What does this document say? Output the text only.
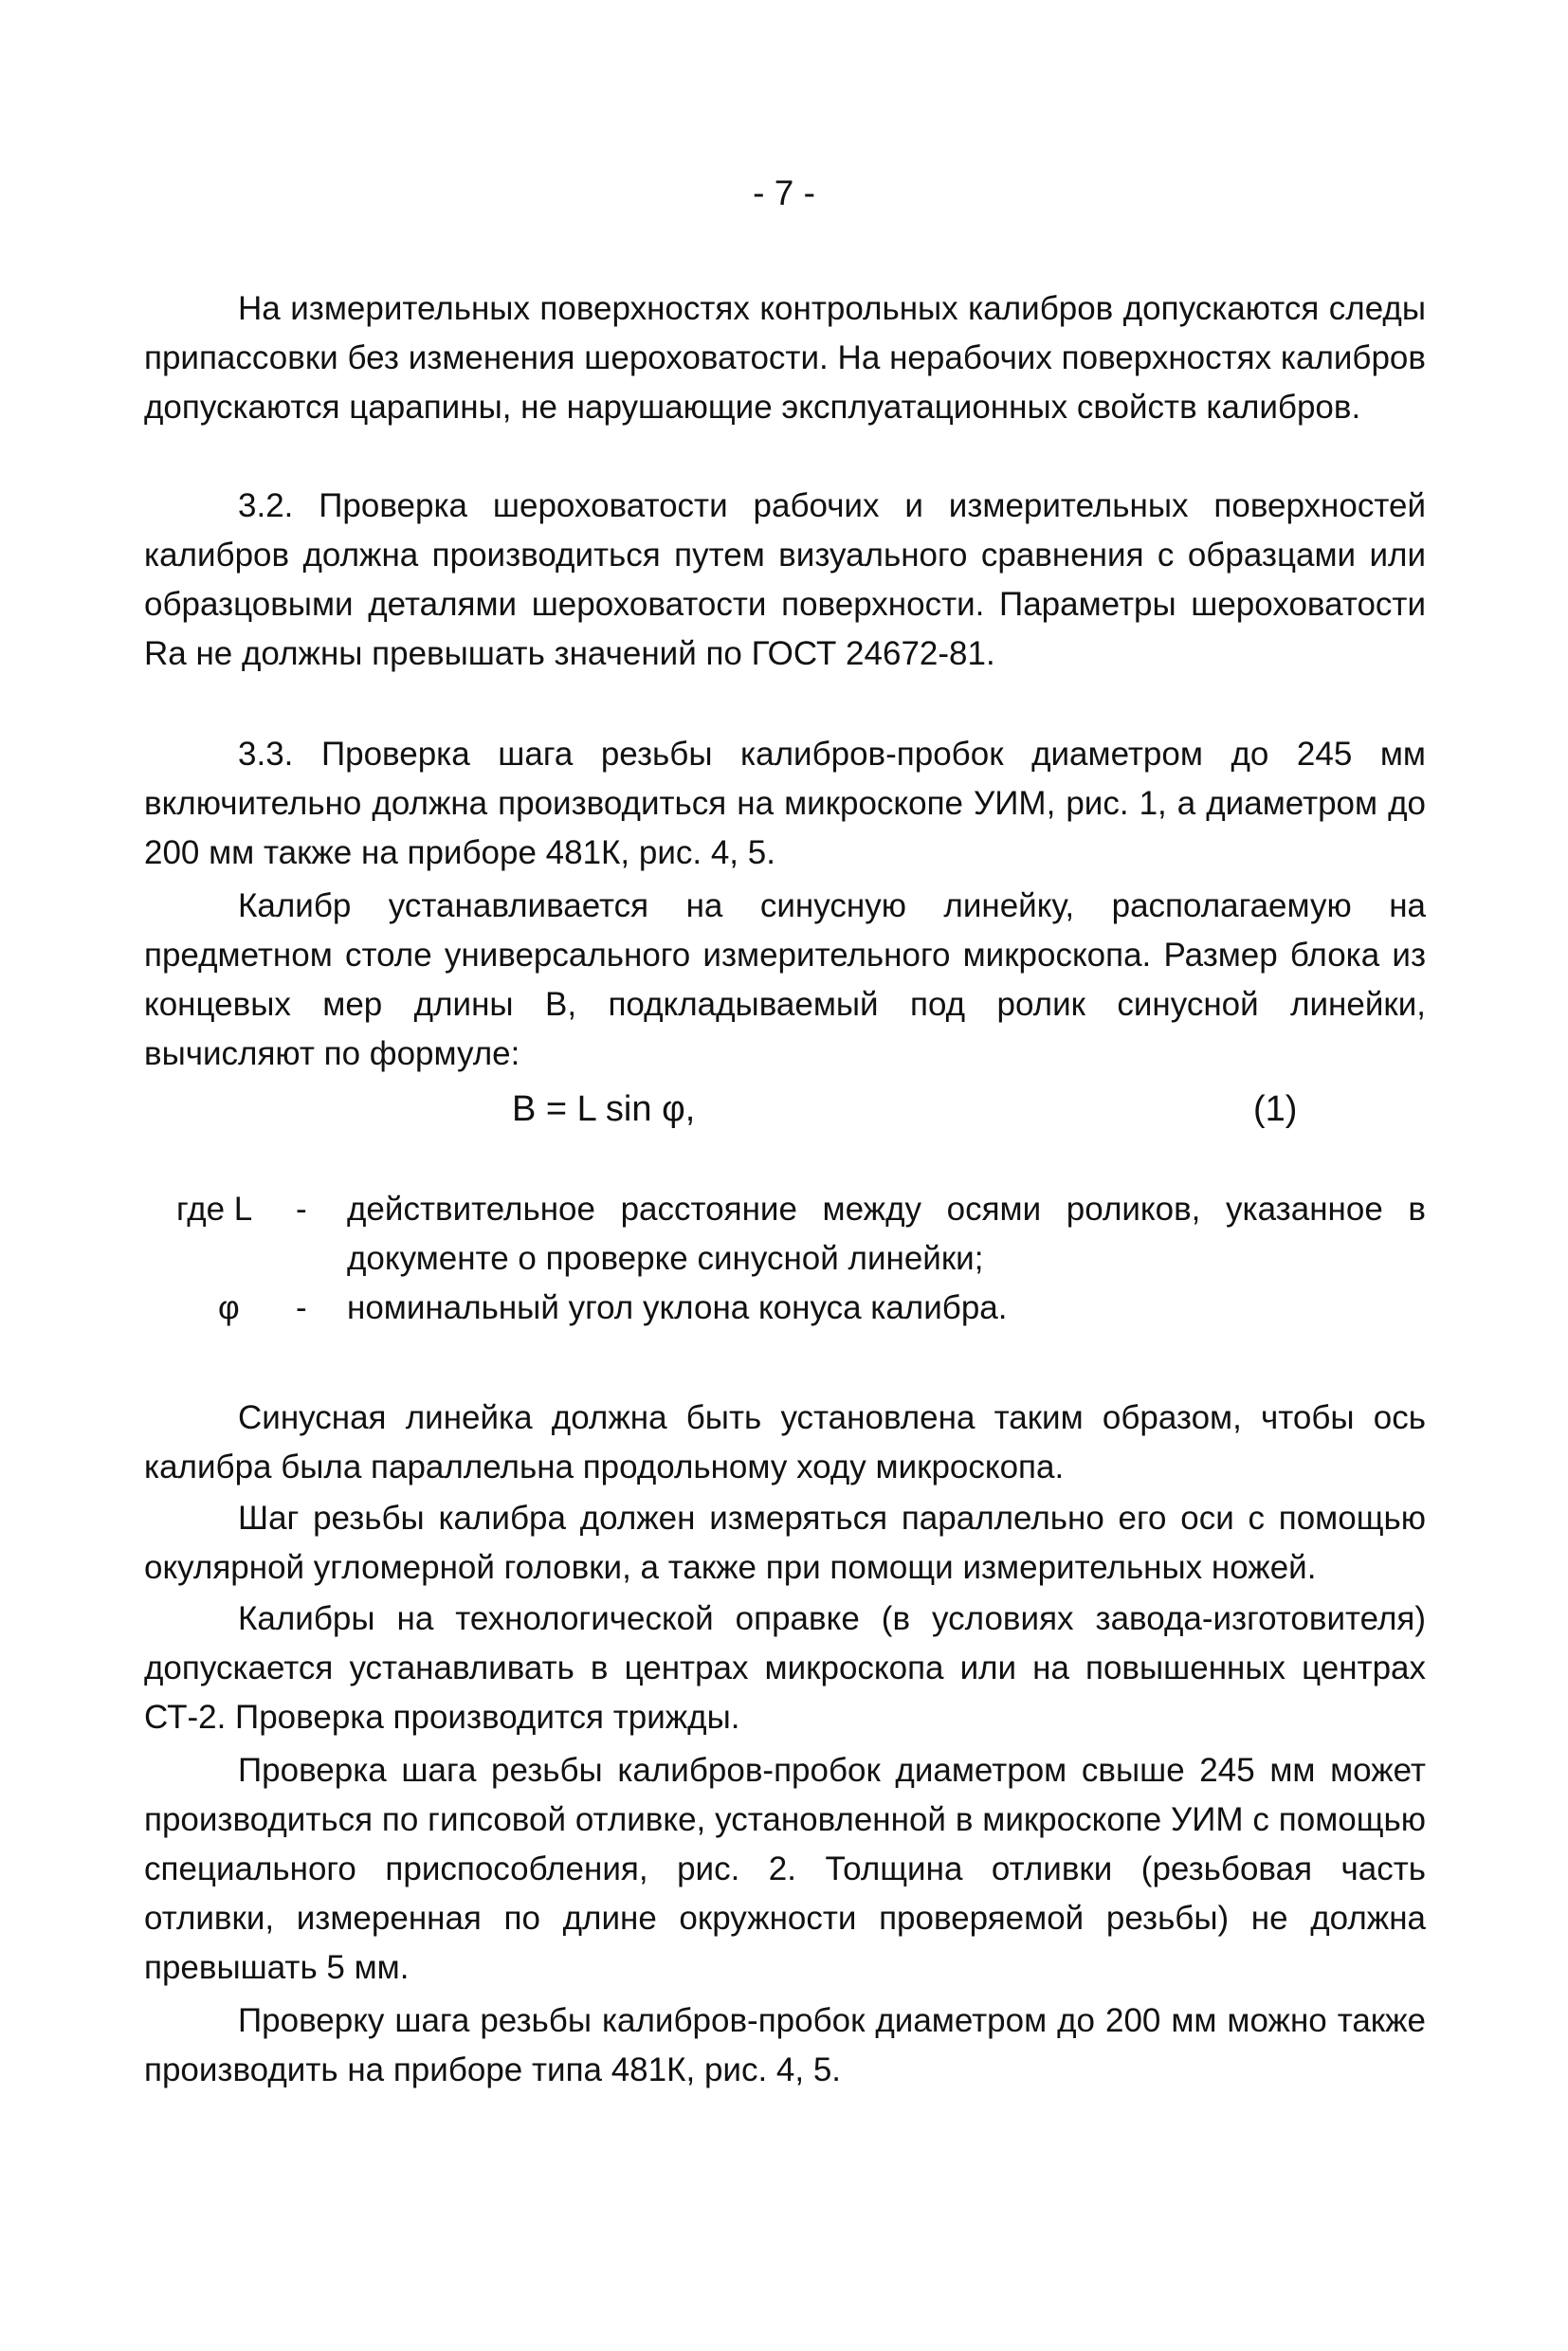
- 7 -

На измерительных поверхностях контрольных калибров допускаются следы припассовки без изменения шероховатости. На нерабочих поверхностях калибров допускаются царапины, не нарушающие эксплуатационных свойств калибров.

3.2. Проверка шероховатости рабочих и измерительных поверхностей калибров должна производиться путем визуального сравнения с образцами или образцовыми деталями шероховатости поверхности. Параметры шероховатости Ra не должны превышать значений по ГОСТ 24672-81.

3.3. Проверка шага резьбы калибров-пробок диаметром до 245 мм включительно должна производиться на микроскопе УИМ, рис. 1, а диаметром до 200 мм также на приборе 481К, рис. 4, 5.

Калибр устанавливается на синусную линейку, располагаемую на предметном столе универсального измерительного микроскопа. Размер блока из концевых мер длины B, подкладываемый под ролик синусной линейки, вычисляют по формуле:

B = L sin φ,	(1)

где L - действительное расстояние между осями роликов, указанное в документе о проверке синусной линейки;

φ - номинальный угол уклона конуса калибра.

Синусная линейка должна быть установлена таким образом, чтобы ось калибра была параллельна продольному ходу микроскопа.

Шаг резьбы калибра должен измеряться параллельно его оси с помощью окулярной угломерной головки, а также при помощи измерительных ножей.

Калибры на технологической оправке (в условиях завода-изготовителя) допускается устанавливать в центрах микроскопа или на повышенных центрах СТ-2. Проверка производится трижды.

Проверка шага резьбы калибров-пробок диаметром свыше 245 мм может производиться по гипсовой отливке, установленной в микроскопе УИМ с помощью специального приспособления, рис. 2. Толщина отливки (резьбовая часть отливки, измеренная по длине окружности проверяемой резьбы) не должна превышать 5 мм.

Проверку шага резьбы калибров-пробок диаметром до 200 мм можно также производить на приборе типа 481К, рис. 4, 5.
